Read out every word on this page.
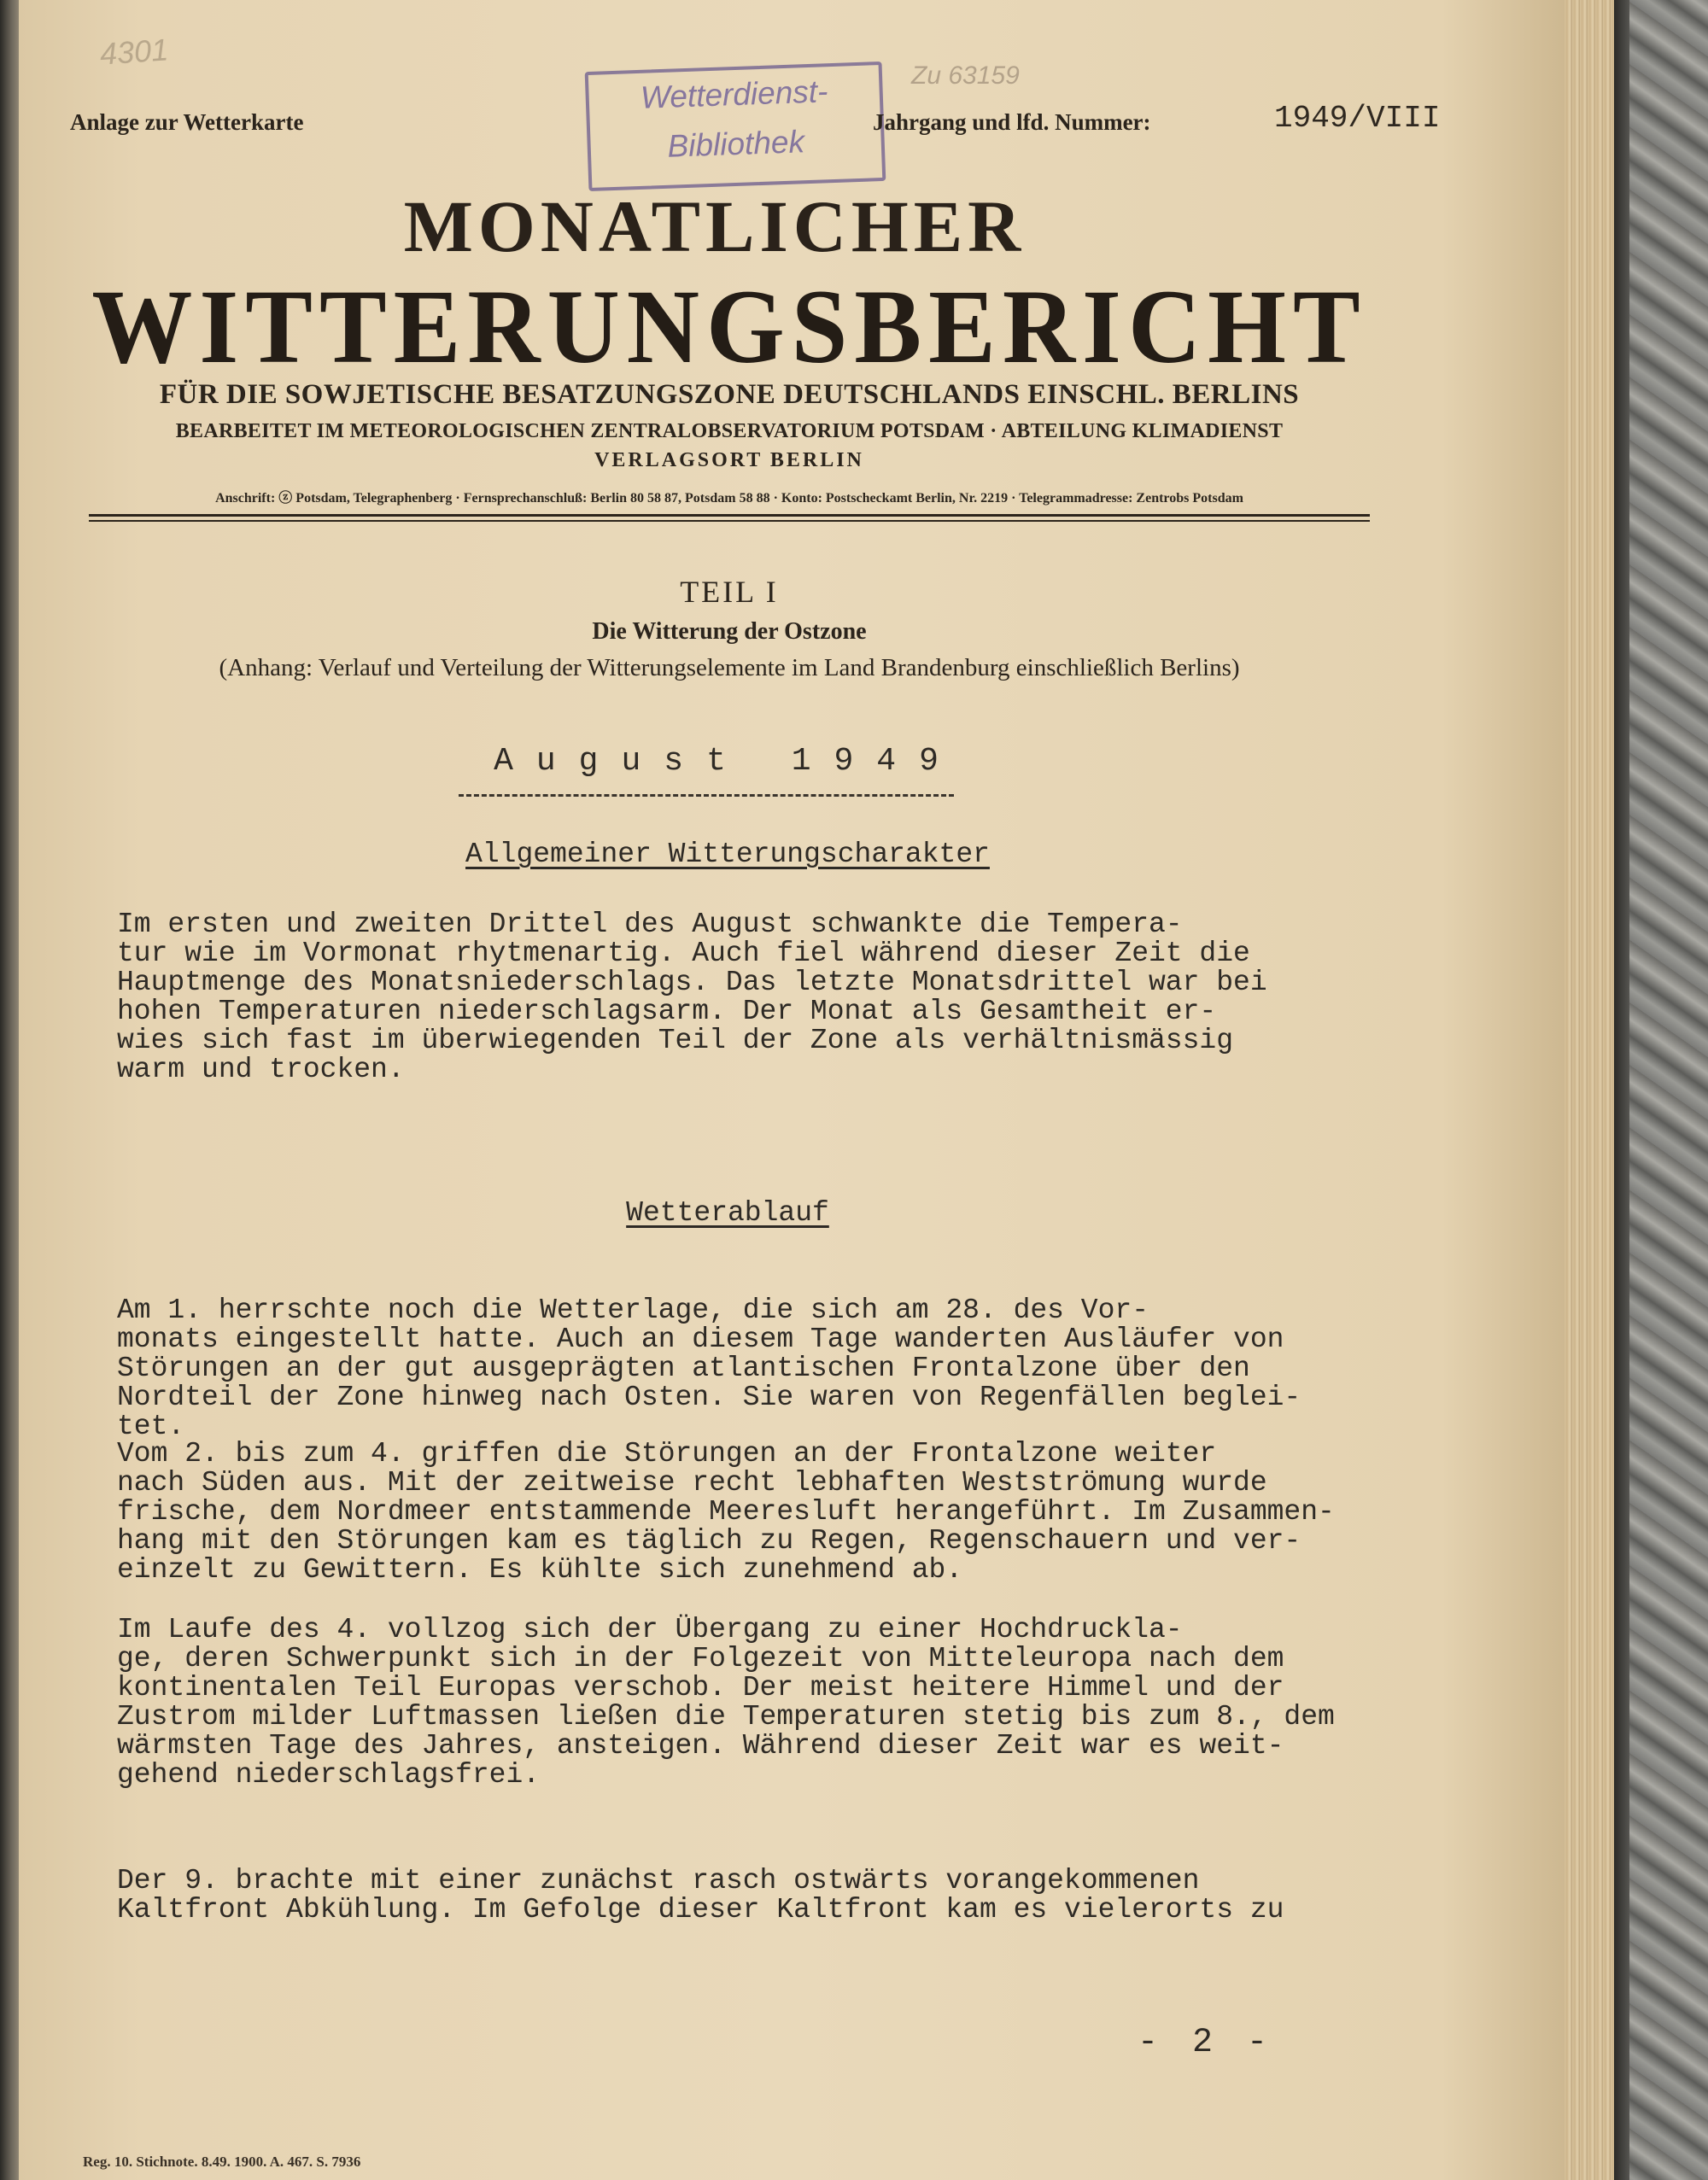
4301
Zu 63159
Anlage zur Wetterkarte
Wetterdienst-
Bibliothek
Jahrgang und lfd. Nummer:	1949/VIII
MONATLICHER
WITTERUNGSBERICHT
FÜR DIE SOWJETISCHE BESATZUNGSZONE DEUTSCHLANDS EINSCHL. BERLINS
BEARBEITET IM METEOROLOGISCHEN ZENTRALOBSERVATORIUM POTSDAM · ABTEILUNG KLIMADIENST
VERLAGSORT BERLIN
Anschrift: ⓩ Potsdam, Telegraphenberg · Fernsprechanschluß: Berlin 80 58 87, Potsdam 58 88 · Konto: Postscheckamt Berlin, Nr. 2219 · Telegrammadresse: Zentrobs Potsdam
TEIL I
Die Witterung der Ostzone
(Anhang: Verlauf und Verteilung der Witterungselemente im Land Brandenburg einschließlich Berlins)
August 1949
Allgemeiner Witterungscharakter
Im ersten und zweiten Drittel des August schwankte die Tempera-
tur wie im Vormonat rhytmenartig. Auch fiel während dieser Zeit die
Hauptmenge des Monatsniederschlags. Das letzte Monatsdrittel war bei
hohen Temperaturen niederschlagsarm. Der Monat als Gesamtheit er-
wies sich fast im überwiegenden Teil der Zone als verhältnismässig
warm und trocken.
Wetterablauf
Am 1. herrschte noch die Wetterlage, die sich am 28. des Vor-
monats eingestellt hatte. Auch an diesem Tage wanderten Ausläufer von
Störungen an der gut ausgeprägten atlantischen Frontalzone über den
Nordteil der Zone hinweg nach Osten. Sie waren von Regenfällen beglei-
tet.
Vom 2. bis zum 4. griffen die Störungen an der Frontalzone weiter
nach Süden aus. Mit der zeitweise recht lebhaften Westströmung wurde
frische, dem Nordmeer entstammende Meeresluft herangeführt. Im Zusammen-
hang mit den Störungen kam es täglich zu Regen, Regenschauern und ver-
einzelt zu Gewittern. Es kühlte sich zunehmend ab.
Im Laufe des 4. vollzog sich der Übergang zu einer Hochdruckla-
ge, deren Schwerpunkt sich in der Folgezeit von Mitteleuropa nach dem
kontinentalen Teil Europas verschob. Der meist heitere Himmel und der
Zustrom milder Luftmassen ließen die Temperaturen stetig bis zum 8., dem
wärmsten Tage des Jahres, ansteigen. Während dieser Zeit war es weit-
gehend niederschlagsfrei.
Der 9. brachte mit einer zunächst rasch ostwärts vorangekommenen
Kaltfront Abkühlung. Im Gefolge dieser Kaltfront kam es vielerorts zu
- 2 -
Reg. 10. Stichnote. 8.49. 1900. A. 467. S. 7936
